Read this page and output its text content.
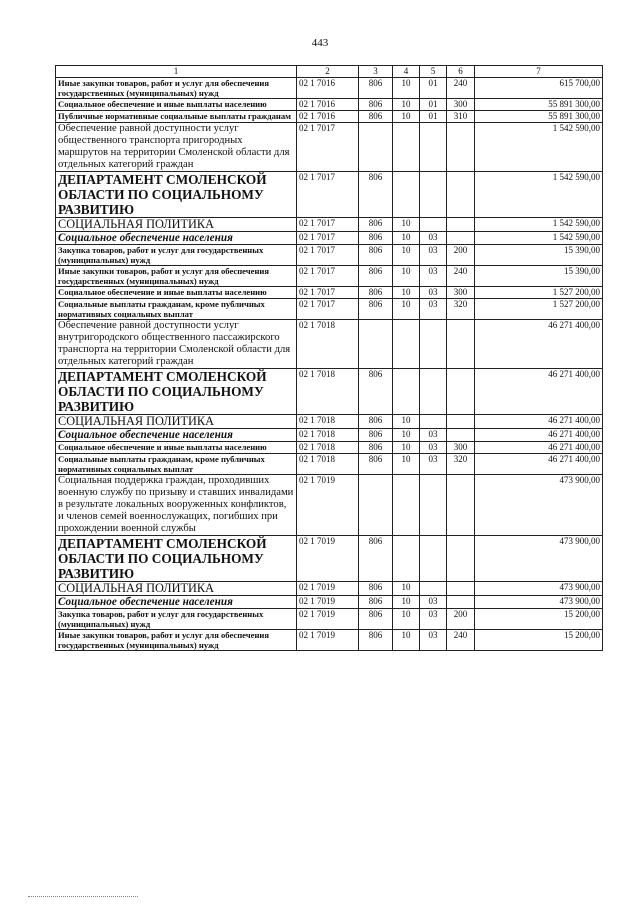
443
1	2	3	4	5	6	7
Иные закупки товаров, работ и услуг для обеспечения государственных (муниципальных) нужд	02 1 7016	806	10	01	240	615 700,00
Социальное обеспечение и иные выплаты населению	02 1 7016	806	10	01	300	55 891 300,00
Публичные нормативные социальные выплаты гражданам	02 1 7016	806	10	01	310	55 891 300,00
Обеспечение равной доступности услуг общественного транспорта пригородных маршрутов на территории Смоленской области для отдельных категорий граждан	02 1 7017					1 542 590,00
ДЕПАРТАМЕНТ СМОЛЕНСКОЙ ОБЛАСТИ ПО СОЦИАЛЬНОМУ РАЗВИТИЮ	02 1 7017	806				1 542 590,00
СОЦИАЛЬНАЯ ПОЛИТИКА	02 1 7017	806	10			1 542 590,00
Социальное обеспечение населения	02 1 7017	806	10	03		1 542 590,00
Закупка товаров, работ и услуг для государственных (муниципальных) нужд	02 1 7017	806	10	03	200	15 390,00
Иные закупки товаров, работ и услуг для обеспечения государственных (муниципальных) нужд	02 1 7017	806	10	03	240	15 390,00
Социальное обеспечение и иные выплаты населению	02 1 7017	806	10	03	300	1 527 200,00
Социальные выплаты гражданам, кроме публичных нормативных социальных выплат	02 1 7017	806	10	03	320	1 527 200,00
Обеспечение равной доступности услуг внутригородского общественного пассажирского транспорта на территории Смоленской области для отдельных категорий граждан	02 1 7018					46 271 400,00
ДЕПАРТАМЕНТ СМОЛЕНСКОЙ ОБЛАСТИ ПО СОЦИАЛЬНОМУ РАЗВИТИЮ	02 1 7018	806				46 271 400,00
СОЦИАЛЬНАЯ ПОЛИТИКА	02 1 7018	806	10			46 271 400,00
Социальное обеспечение населения	02 1 7018	806	10	03		46 271 400,00
Социальное обеспечение и иные выплаты населению	02 1 7018	806	10	03	300	46 271 400,00
Социальные выплаты гражданам, кроме публичных нормативных социальных выплат	02 1 7018	806	10	03	320	46 271 400,00
Социальная поддержка граждан, проходивших военную службу по призыву и ставших инвалидами в результате локальных вооруженных конфликтов, и членов семей военнослужащих, погибших при прохождении военной службы	02 1 7019					473 900,00
ДЕПАРТАМЕНТ СМОЛЕНСКОЙ ОБЛАСТИ ПО СОЦИАЛЬНОМУ РАЗВИТИЮ	02 1 7019	806				473 900,00
СОЦИАЛЬНАЯ ПОЛИТИКА	02 1 7019	806	10			473 900,00
Социальное обеспечение населения	02 1 7019	806	10	03		473 900,00
Закупка товаров, работ и услуг для государственных (муниципальных) нужд	02 1 7019	806	10	03	200	15 200,00
Иные закупки товаров, работ и услуг для обеспечения государственных (муниципальных) нужд	02 1 7019	806	10	03	240	15 200,00
